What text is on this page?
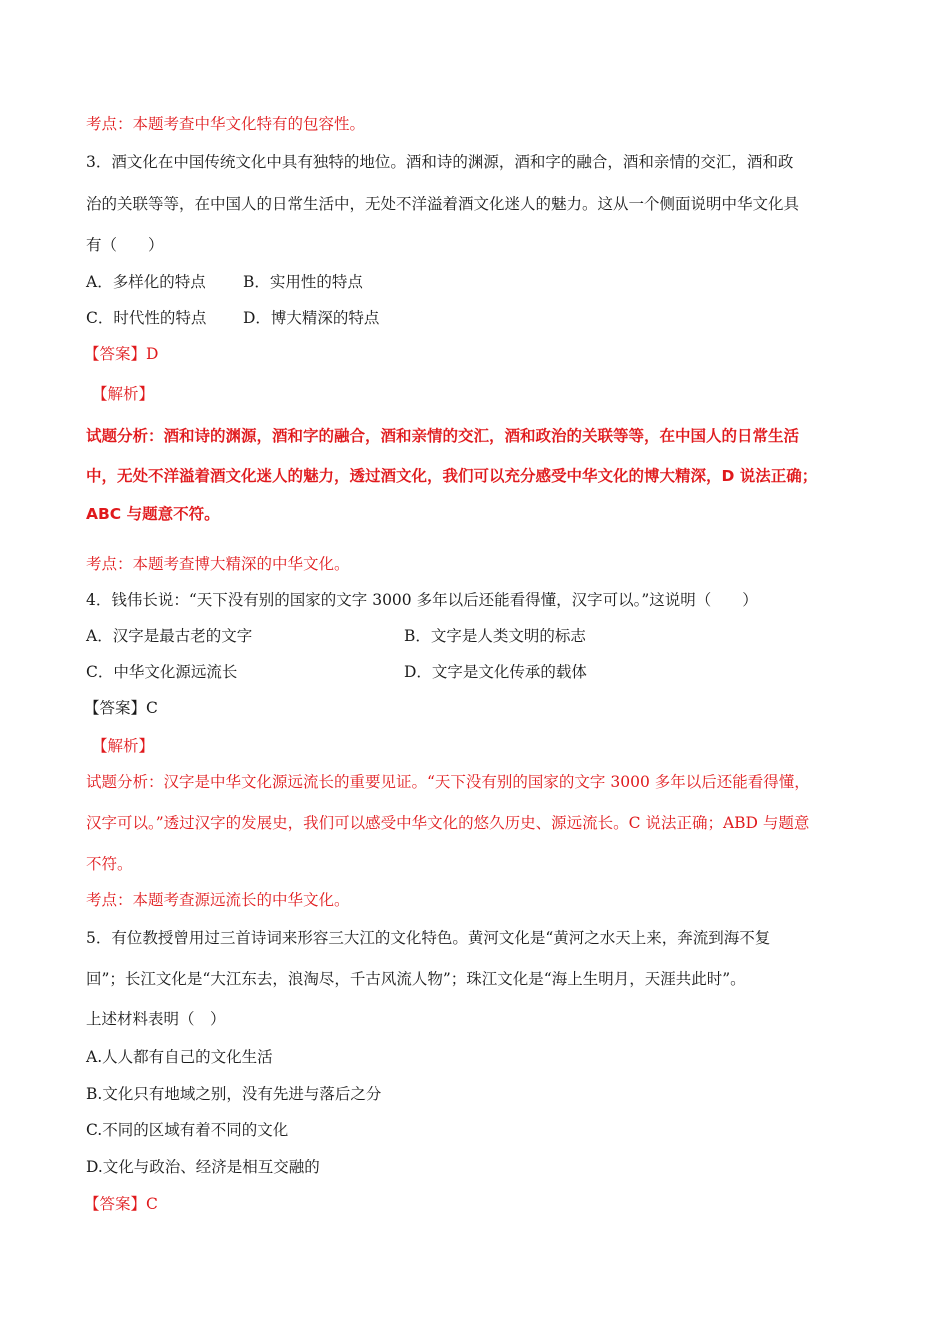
考点：本题考查中华文化特有的包容性。

3．酒文化在中国传统文化中具有独特的地位。酒和诗的渊源，酒和字的融合，酒和亲情的交汇，酒和政

治的关联等等，在中国人的日常生活中，无处不洋溢着酒文化迷人的魅力。这从一个侧面说明中华文化具

有（　　）

A．多样化的特点	B．实用性的特点
C．时代性的特点	D．博大精深的特点

【答案】D

【解析】

试题分析：酒和诗的渊源，酒和字的融合，酒和亲情的交汇，酒和政治的关联等等，在中国人的日常生活

中，无处不洋溢着酒文化迷人的魅力，透过酒文化，我们可以充分感受中华文化的博大精深，D 说法正确；

ABC 与题意不符。

考点：本题考查博大精深的中华文化。

4．钱伟长说：“天下没有别的国家的文字 3000 多年以后还能看得懂，汉字可以。”这说明（　　）

A．汉字是最古老的文字	B．文字是人类文明的标志
C．中华文化源远流长	D．文字是文化传承的载体

【答案】C

【解析】

试题分析：汉字是中华文化源远流长的重要见证。“天下没有别的国家的文字 3000 多年以后还能看得懂，

汉字可以。”透过汉字的发展史，我们可以感受中华文化的悠久历史、源远流长。C 说法正确；ABD 与题意

不符。

考点：本题考查源远流长的中华文化。

5．有位教授曾用过三首诗词来形容三大江的文化特色。黄河文化是“黄河之水天上来，奔流到海不复

回”；长江文化是“大江东去，浪淘尽，千古风流人物”；珠江文化是“海上生明月，天涯共此时”。

上述材料表明（　）

A.人人都有自己的文化生活

B.文化只有地域之别，没有先进与落后之分

C.不同的区域有着不同的文化

D.文化与政治、经济是相互交融的

【答案】C
